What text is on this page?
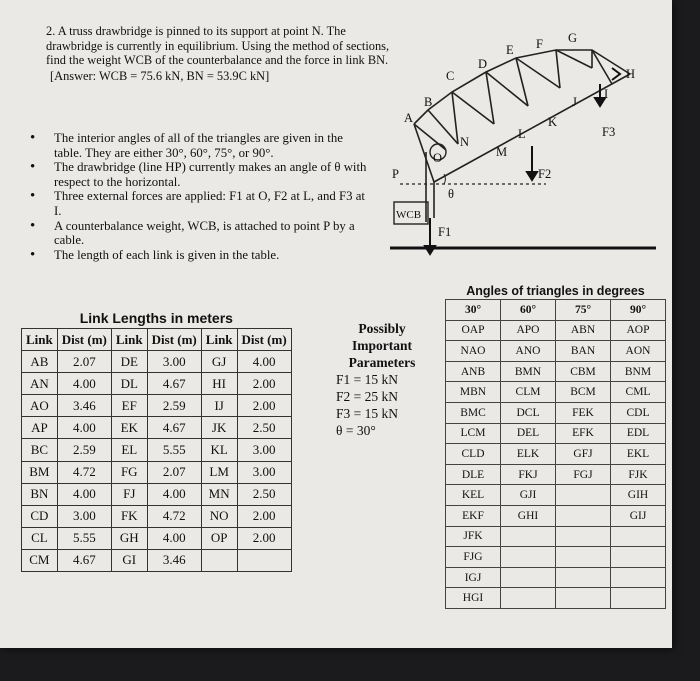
2. A truss drawbridge is pinned to its support at point N. The drawbridge is currently in equilibrium. Using the method of sections, find the weight WCB of the counterbalance and the force in link BN.

[Answer: WCB = 75.6 kN, BN = 53.9C kN]

• The interior angles of all of the triangles are given in the table. They are either 30°, 60°, 75°, or 90°.
• The drawbridge (line HP) currently makes an angle of θ with respect to the horizontal.
• Three external forces are applied: F1 at O, F2 at L, and F3 at I.
• A counterbalance weight, WCB, is attached to point P by a cable.
• The length of each link is given in the table.
A
B
C
D
E F G
H
I
J
K
L
M
N
O
P
θ
F1
F2
F3
WCB
Link Lengths in meters
Link	Dist (m)	Link	Dist (m)	Link	Dist (m)
AB	2.07	DE	3.00	GJ	4.00
AN	4.00	DL	4.67	HI	2.00
AO	3.46	EF	2.59	IJ	2.00
AP	4.00	EK	4.67	JK	2.50
BC	2.59	EL	5.55	KL	3.00
BM	4.72	FG	2.07	LM	3.00
BN	4.00	FJ	4.00	MN	2.50
CD	3.00	FK	4.72	NO	2.00
CL	5.55	GH	4.00	OP	2.00
CM	4.67	GI	3.46		
Possibly
Important
Parameters
F1 = 15 kN
F2 = 25 kN
F3 = 15 kN
θ = 30°
Angles of triangles in degrees
30°	60°	75°	90°
OAP	APO	ABN	AOP
NAO	ANO	BAN	AON
ANB	BMN	CBM	BNM
MBN	CLM	BCM	CML
BMC	DCL	FEK	CDL
LCM	DEL	EFK	EDL
CLD	ELK	GFJ	EKL
DLE	FKJ	FGJ	FJK
KEL	GJI		GIH
EKF	GHI		GIJ
JFK			
FJG			
IGJ			
HGI			
